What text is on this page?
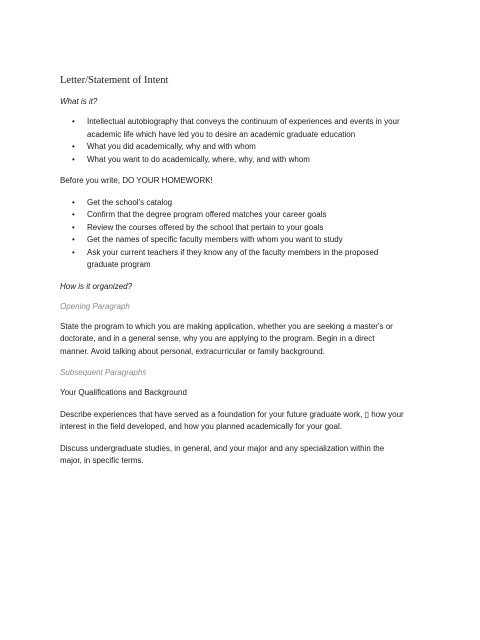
Letter/Statement of Intent
What is it?
• Intellectual autobiography that conveys the continuum of experiences and events in your academic life which have led you to desire an academic graduate education
• What you did academically, why and with whom
• What you want to do academically, where, why, and with whom
Before you write, DO YOUR HOMEWORK!
• Get the school's catalog
• Confirm that the degree program offered matches your career goals
• Review the courses offered by the school that pertain to your goals
• Get the names of specific faculty members with whom you want to study
• Ask your current teachers if they know any of the faculty members in the proposed graduate program
How is it organized?
Opening Paragraph
State the program to which you are making application, whether you are seeking a master's or doctorate, and in a general sense, why you are applying to the program. Begin in a direct manner. Avoid talking about personal, extracurricular or family background.
Subsequent Paragraphs
Your Qualifications and Background
Describe experiences that have served as a foundation for your future graduate work, ▯ how your interest in the field developed, and how you planned academically for your goal.
Discuss undergraduate studies, in general, and your major and any specialization within the major, in specific terms.
